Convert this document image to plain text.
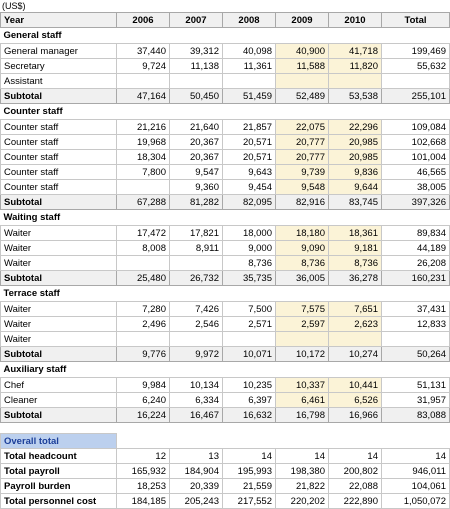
(US$)
Year	2006	2007	2008	2009	2010	Total
General staff						
General manager	37,440	39,312	40,098	40,900	41,718	199,469
Secretary	9,724	11,138	11,361	11,588	11,820	55,632
Assistant						
Subtotal	47,164	50,450	51,459	52,489	53,538	255,101
Counter staff						
Counter staff	21,216	21,640	21,857	22,075	22,296	109,084
Counter staff	19,968	20,367	20,571	20,777	20,985	102,668
Counter staff	18,304	20,367	20,571	20,777	20,985	101,004
Counter staff	7,800	9,547	9,643	9,739	9,836	46,565
Counter staff		9,360	9,454	9,548	9,644	38,005
Subtotal	67,288	81,282	82,095	82,916	83,745	397,326
Waiting staff						
Waiter	17,472	17,821	18,000	18,180	18,361	89,834
Waiter	8,008	8,911	9,000	9,090	9,181	44,189
Waiter			8,736	8,736	8,736	26,208
Subtotal	25,480	26,732	35,735	36,005	36,278	160,231
Terrace staff						
Waiter	7,280	7,426	7,500	7,575	7,651	37,431
Waiter	2,496	2,546	2,571	2,597	2,623	12,833
Waiter						
Subtotal	9,776	9,972	10,071	10,172	10,274	50,264
Auxiliary staff						
Chef	9,984	10,134	10,235	10,337	10,441	51,131
Cleaner	6,240	6,334	6,397	6,461	6,526	31,957
Subtotal	16,224	16,467	16,632	16,798	16,966	83,088

Overall total						
Total headcount	12	13	14	14	14	14
Total payroll	165,932	184,904	195,993	198,380	200,802	946,011
Payroll burden	18,253	20,339	21,559	21,822	22,088	104,061
Total personnel cost	184,185	205,243	217,552	220,202	222,890	1,050,072
